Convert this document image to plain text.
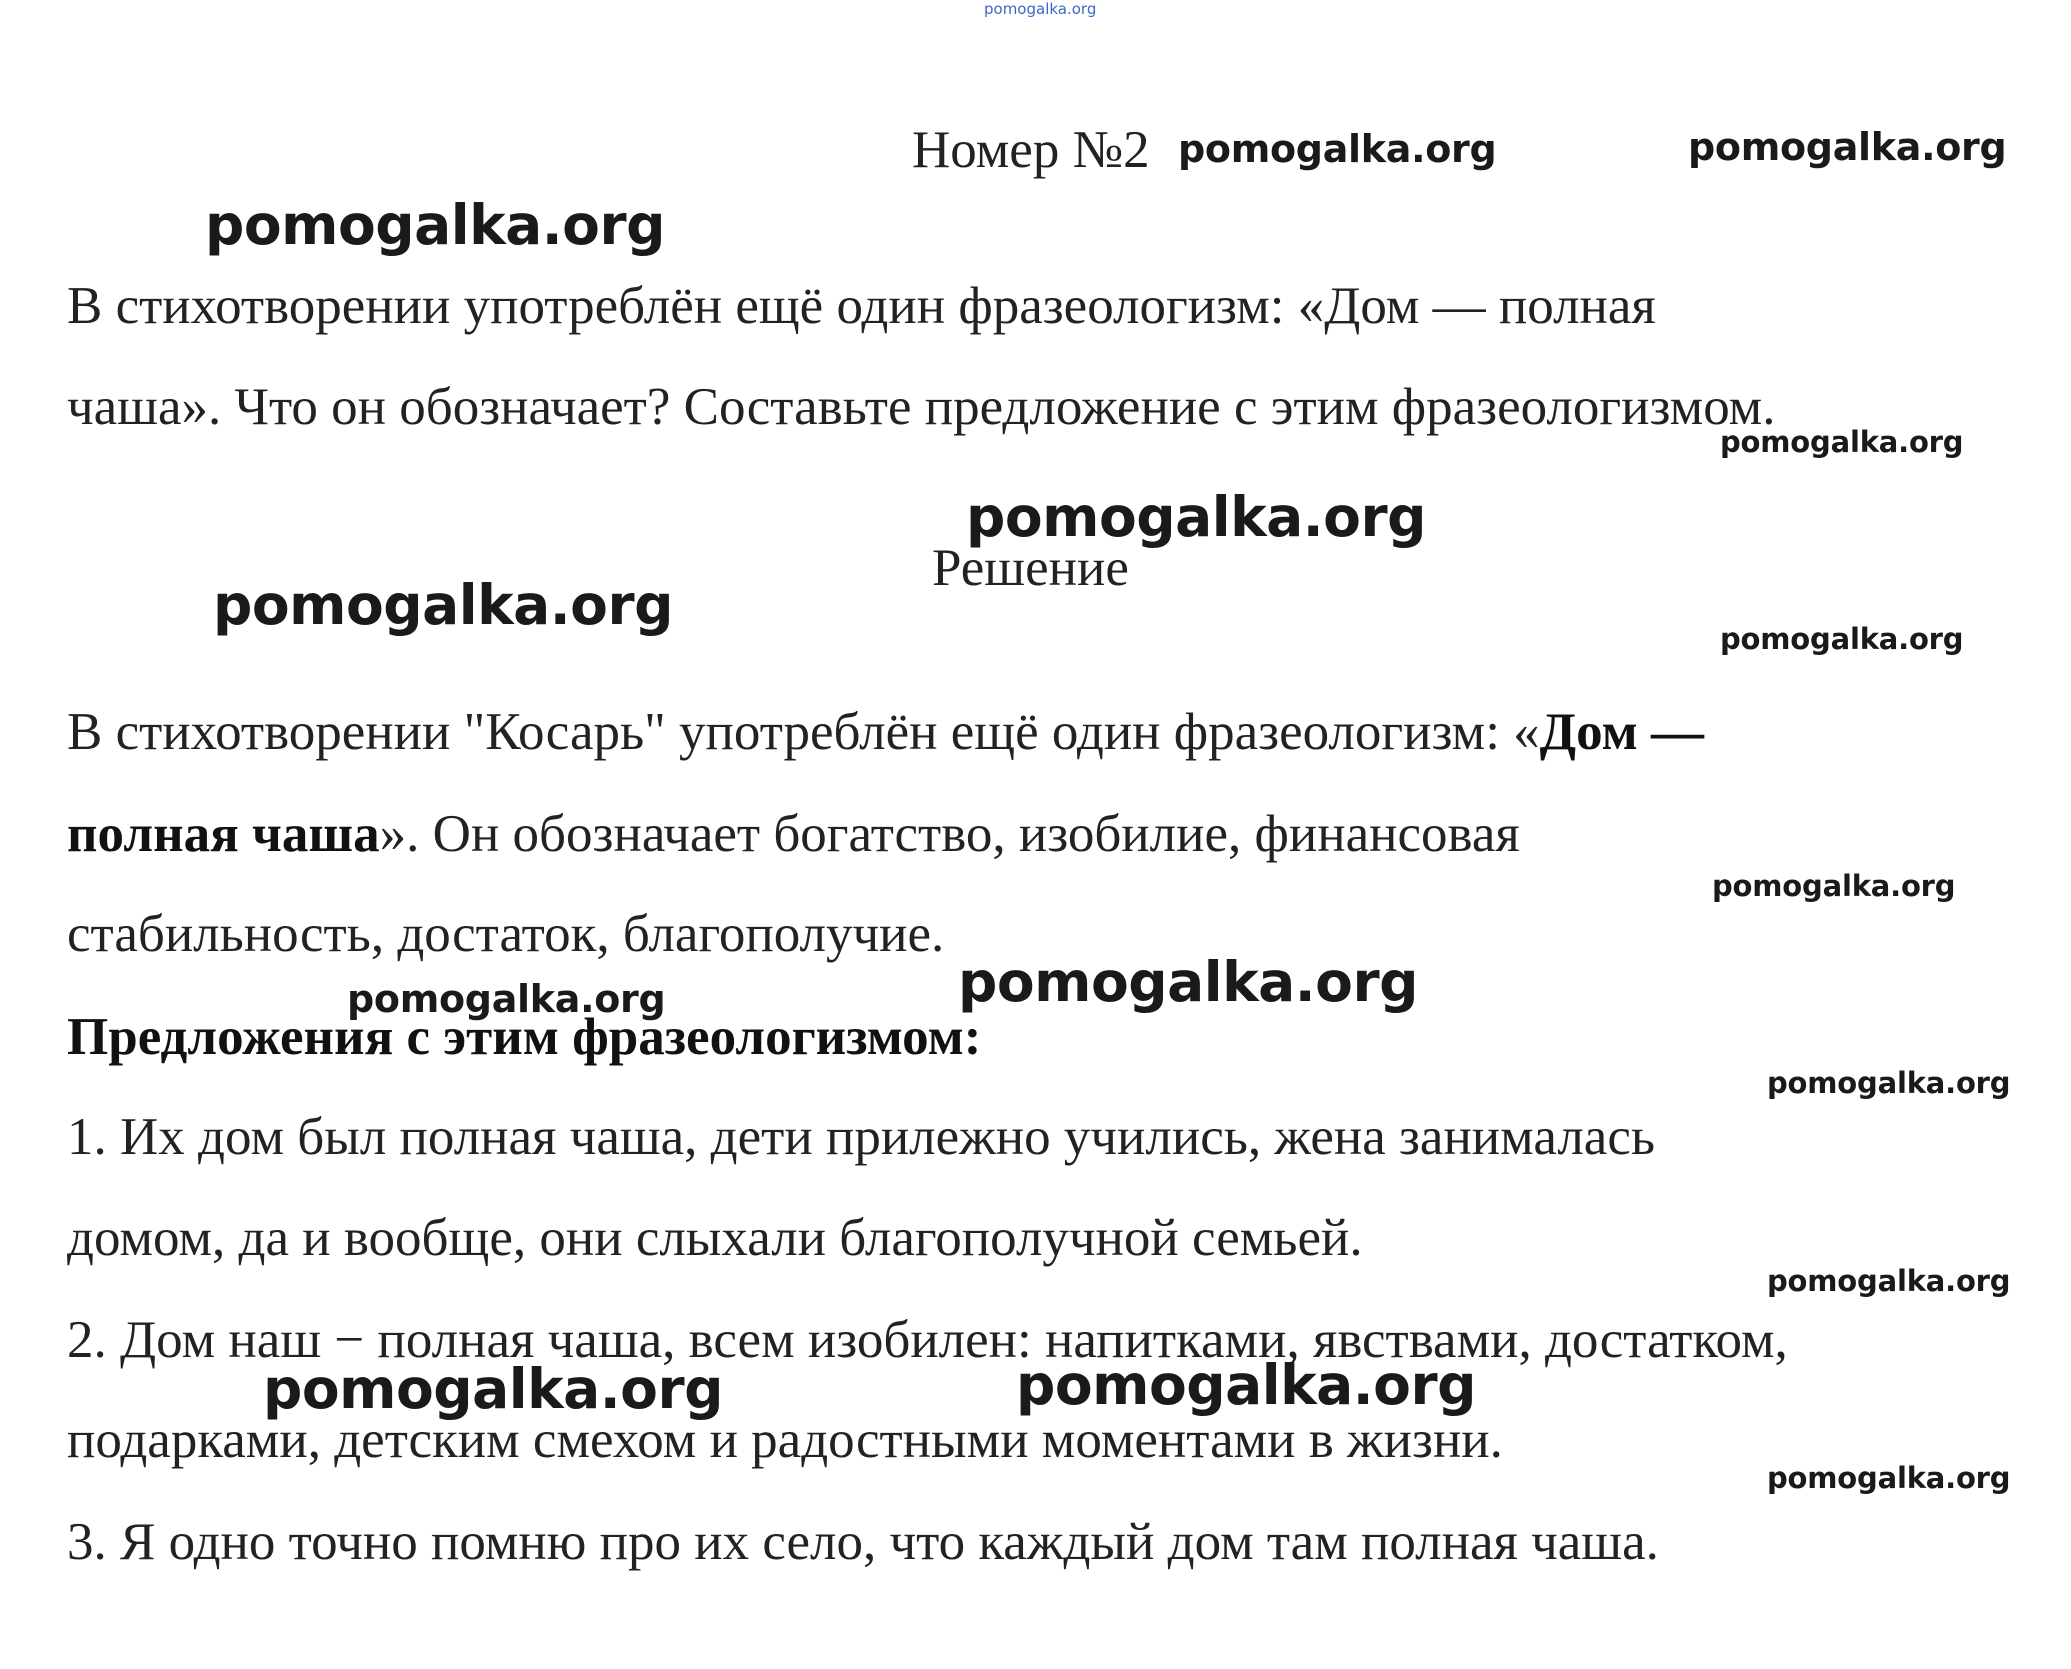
pomogalka.org
Номер №2
В стихотворении употреблён ещё один фразеологизм: «Дом — полная
чаша». Что он обозначает? Составьте предложение с этим фразеологизмом.
Решение
В стихотворении "Косарь" употреблён ещё один фразеологизм: «Дом —
полная чаша». Он обозначает богатство, изобилие, финансовая
стабильность, достаток, благополучие.
Предложения с этим фразеологизмом:
1. Их дом был полная чаша, дети прилежно учились, жена занималась
домом, да и вообще, они слыхали благополучной семьей.
2. Дом наш − полная чаша, всем изобилен: напитками, явствами, достатком,
подарками, детским смехом и радостными моментами в жизни.
3. Я одно точно помню про их село, что каждый дом там полная чаша.
pomogalka.org	pomogalka.org
pomogalka.org
pomogalka.org
pomogalka.org
pomogalka.org
pomogalka.org
pomogalka.org
pomogalka.org	pomogalka.org
pomogalka.org
pomogalka.org
pomogalka.org	pomogalka.org
pomogalka.org
